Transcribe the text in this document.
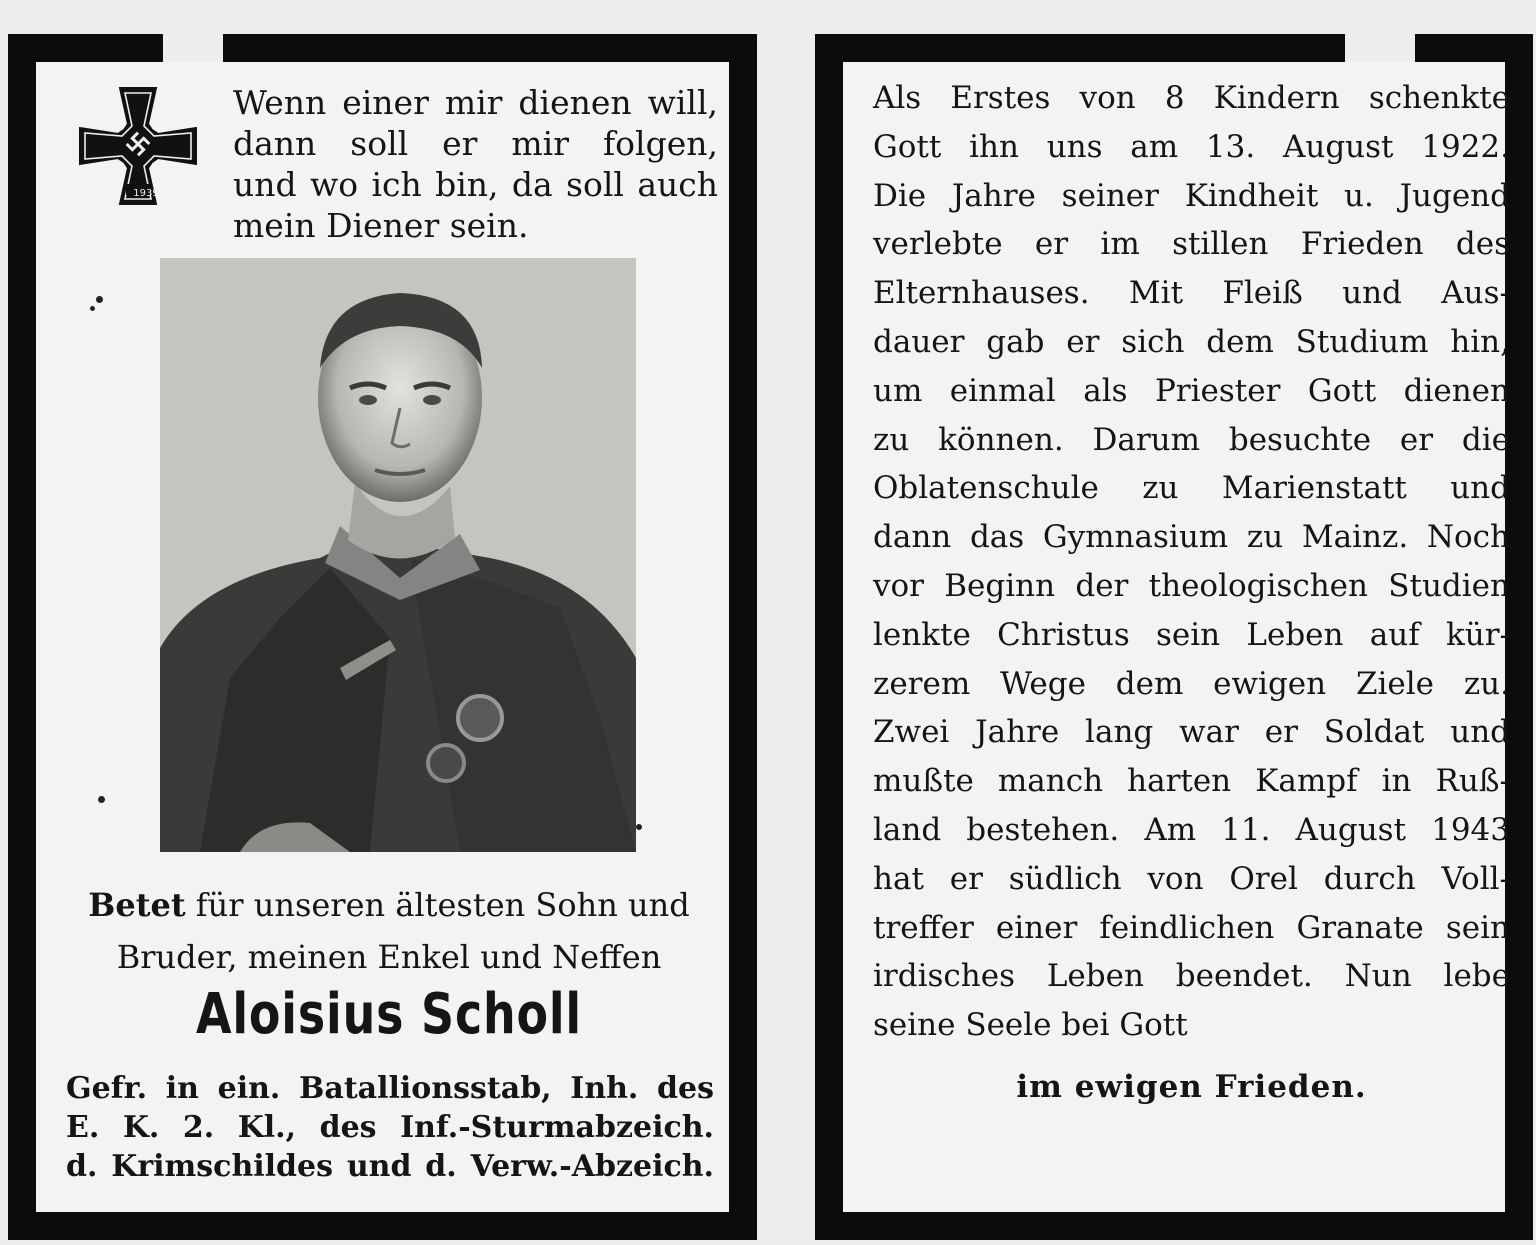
1939

Wenn einer mir dienen will,

dann soll er mir folgen,

und wo ich bin, da soll auch

mein Diener sein.

Betet für unseren ältesten Sohn und
Bruder, meinen Enkel und Neffen
Aloisius Scholl

Gefr. in ein. Batallionsstab, Inh. des

E. K. 2. Kl., des Inf.-Sturmabzeich.

d. Krimschildes und d. Verw.-Abzeich.

Als Erstes von 8 Kindern schenkte

Gott ihn uns am 13. August 1922.

Die Jahre seiner Kindheit u. Jugend

verlebte er im stillen Frieden des

Elternhauses. Mit Fleiß und Aus-

dauer gab er sich dem Studium hin,

um einmal als Priester Gott dienen

zu können. Darum besuchte er die

Oblatenschule zu Marienstatt und

dann das Gymnasium zu Mainz. Noch

vor Beginn der theologischen Studien

lenkte Christus sein Leben auf kür-

zerem Wege dem ewigen Ziele zu.

Zwei Jahre lang war er Soldat und

mußte manch harten Kampf in Ruß-

land bestehen. Am 11. August 1943

hat er südlich von Orel durch Voll-

treffer einer feindlichen Granate sein

irdisches Leben beendet. Nun lebe

seine Seele bei Gott

im ewigen Frieden.
